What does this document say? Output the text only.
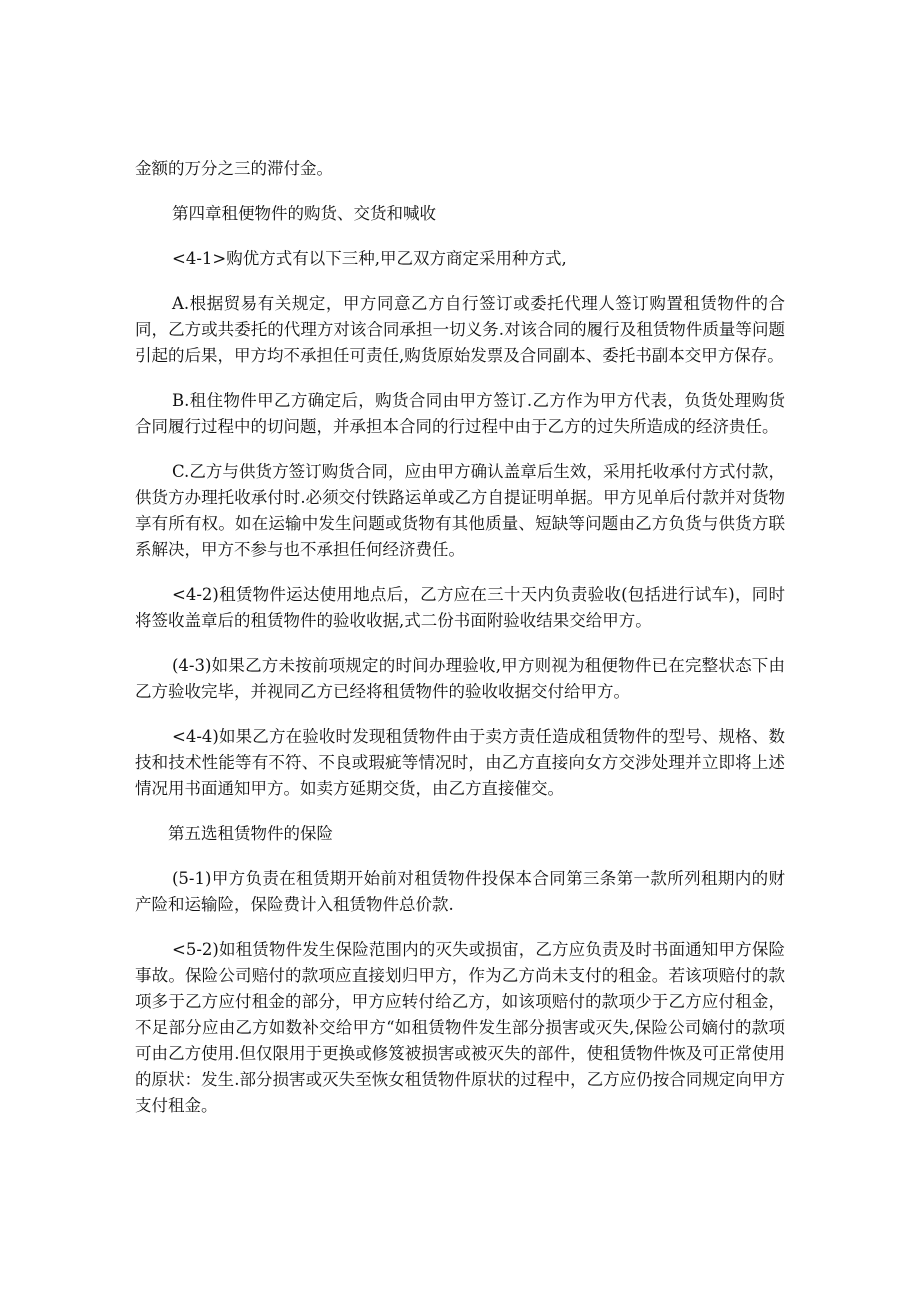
金额的万分之三的滞付金。

第四章租便物件的购货、交货和喊收

<4-1>购优方式有以下三种,甲乙双方商定采用种方式,

A.根据贸易有关规定，甲方同意乙方自行签订或委托代理人签订购置租赁物件的合同，乙方或共委托的代理方对该合同承担一切义务.对该合同的履行及租赁物件质量等问题引起的后果，甲方均不承担任可责任,购货原始发票及合同副本、委托书副本交甲方保存。

B.租住物件甲乙方确定后，购货合同由甲方签订.乙方作为甲方代表，负货处理购货合同履行过程中的切问题，并承担本合同的行过程中由于乙方的过失所造成的经济贵任。

C.乙方与供货方签订购货合同，应由甲方确认盖章后生效，采用托收承付方式付款，供货方办理托收承付时.必须交付铁路运单或乙方自提证明单据。甲方见单后付款并对货物享有所有权。如在运输中发生问题或货物有其他质量、短缺等问题由乙方负货与供货方联系解决，甲方不参与也不承担任何经济费任。

<4-2)租赁物件运达使用地点后，乙方应在三十天内负责验收(包括进行试车)，同时将签收盖章后的租赁物件的验收收据,式二份书面附验收结果交给甲方。

(4-3)如果乙方未按前项规定的时间办理验收,甲方则视为租便物件已在完整状态下由乙方验收完毕，并视同乙方已经将租赁物件的验收收据交付给甲方。

<4-4)如果乙方在验收时发现租赁物件由于卖方责任造成租赁物件的型号、规格、数技和技术性能等有不符、不良或瑕疵等情况时，由乙方直接向女方交涉处理并立即将上述情况用书面通知甲方。如卖方延期交货，由乙方直接催交。

第五选租赁物件的保险

(5-1)甲方负责在租赁期开始前对租赁物件投保本合同第三条第一款所列租期内的财产险和运输险，保险费计入租赁物件总价款.

<5-2)如租赁物件发生保险范围内的灭失或损宙，乙方应负责及时书面通知甲方保险事故。保险公司赔付的款项应直接划归甲方，作为乙方尚未支付的租金。若该项赔付的款项多于乙方应付租金的部分，甲方应转付给乙方，如该项赔付的款项少于乙方应付租金，不足部分应由乙方如数补交给甲方“如租赁物件发生部分损害或灭失,保险公司嫡付的款项可由乙方使用.但仅限用于更换或修笈被损害或被灭失的部件，使租赁物件恢及可正常使用的原状：发生.部分损害或灭失至恢女租赁物件原状的过程中，乙方应仍按合同规定向甲方支付租金。
